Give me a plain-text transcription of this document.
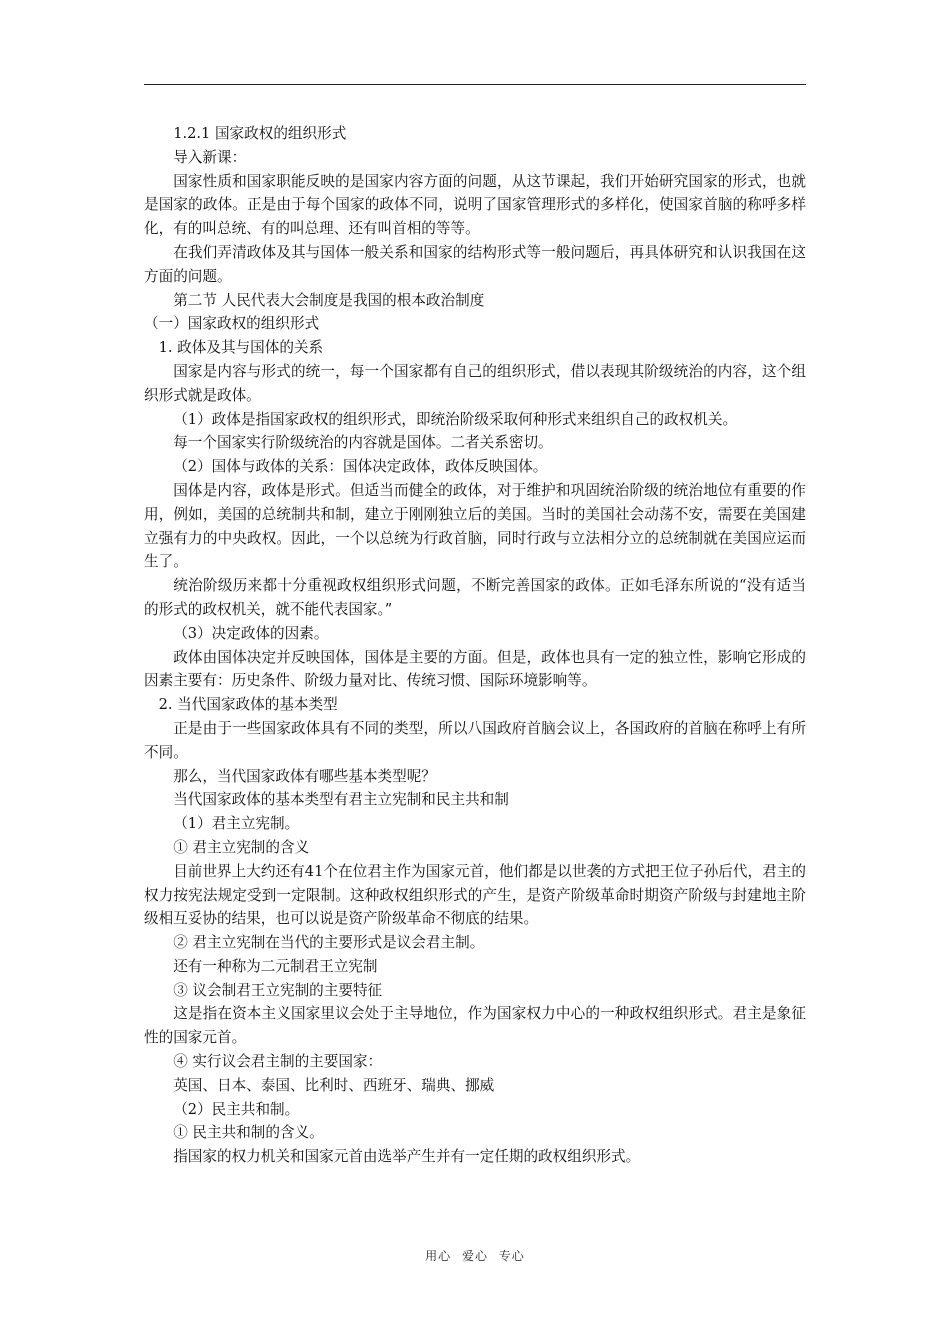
1.2.1 国家政权的组织形式

导入新课：

国家性质和国家职能反映的是国家内容方面的问题，从这节课起，我们开始研究国家的形式，也就是国家的政体。正是由于每个国家的政体不同，说明了国家管理形式的多样化，使国家首脑的称呼多样化，有的叫总统、有的叫总理、还有叫首相的等等。

在我们弄清政体及其与国体一般关系和国家的结构形式等一般问题后，再具体研究和认识我国在这方面的问题。

第二节 人民代表大会制度是我国的根本政治制度

（一）国家政权的组织形式

1. 政体及其与国体的关系

国家是内容与形式的统一，每一个国家都有自己的组织形式，借以表现其阶级统治的内容，这个组织形式就是政体。

（1）政体是指国家政权的组织形式，即统治阶级采取何种形式来组织自己的政权机关。

每一个国家实行阶级统治的内容就是国体。二者关系密切。

（2）国体与政体的关系：国体决定政体，政体反映国体。

国体是内容，政体是形式。但适当而健全的政体，对于维护和巩固统治阶级的统治地位有重要的作用，例如，美国的总统制共和制，建立于刚刚独立后的美国。当时的美国社会动荡不安，需要在美国建立强有力的中央政权。因此，一个以总统为行政首脑，同时行政与立法相分立的总统制就在美国应运而生了。

统治阶级历来都十分重视政权组织形式问题，不断完善国家的政体。正如毛泽东所说的“没有适当的形式的政权机关，就不能代表国家。”

（3）决定政体的因素。

政体由国体决定并反映国体，国体是主要的方面。但是，政体也具有一定的独立性，影响它形成的因素主要有：历史条件、阶级力量对比、传统习惯、国际环境影响等。

2. 当代国家政体的基本类型

正是由于一些国家政体具有不同的类型，所以八国政府首脑会议上，各国政府的首脑在称呼上有所不同。

那么，当代国家政体有哪些基本类型呢？

当代国家政体的基本类型有君主立宪制和民主共和制

（1）君主立宪制。

① 君主立宪制的含义

目前世界上大约还有41个在位君主作为国家元首，他们都是以世袭的方式把王位子孙后代，君主的权力按宪法规定受到一定限制。这种政权组织形式的产生，是资产阶级革命时期资产阶级与封建地主阶级相互妥协的结果，也可以说是资产阶级革命不彻底的结果。

② 君主立宪制在当代的主要形式是议会君主制。

还有一种称为二元制君王立宪制

③ 议会制君王立宪制的主要特征

这是指在资本主义国家里议会处于主导地位，作为国家权力中心的一种政权组织形式。君主是象征性的国家元首。

④ 实行议会君主制的主要国家：

英国、日本、泰国、比利时、西班牙、瑞典、挪威

（2）民主共和制。

① 民主共和制的含义。

指国家的权力机关和国家元首由选举产生并有一定任期的政权组织形式。

用心 爱心 专心
